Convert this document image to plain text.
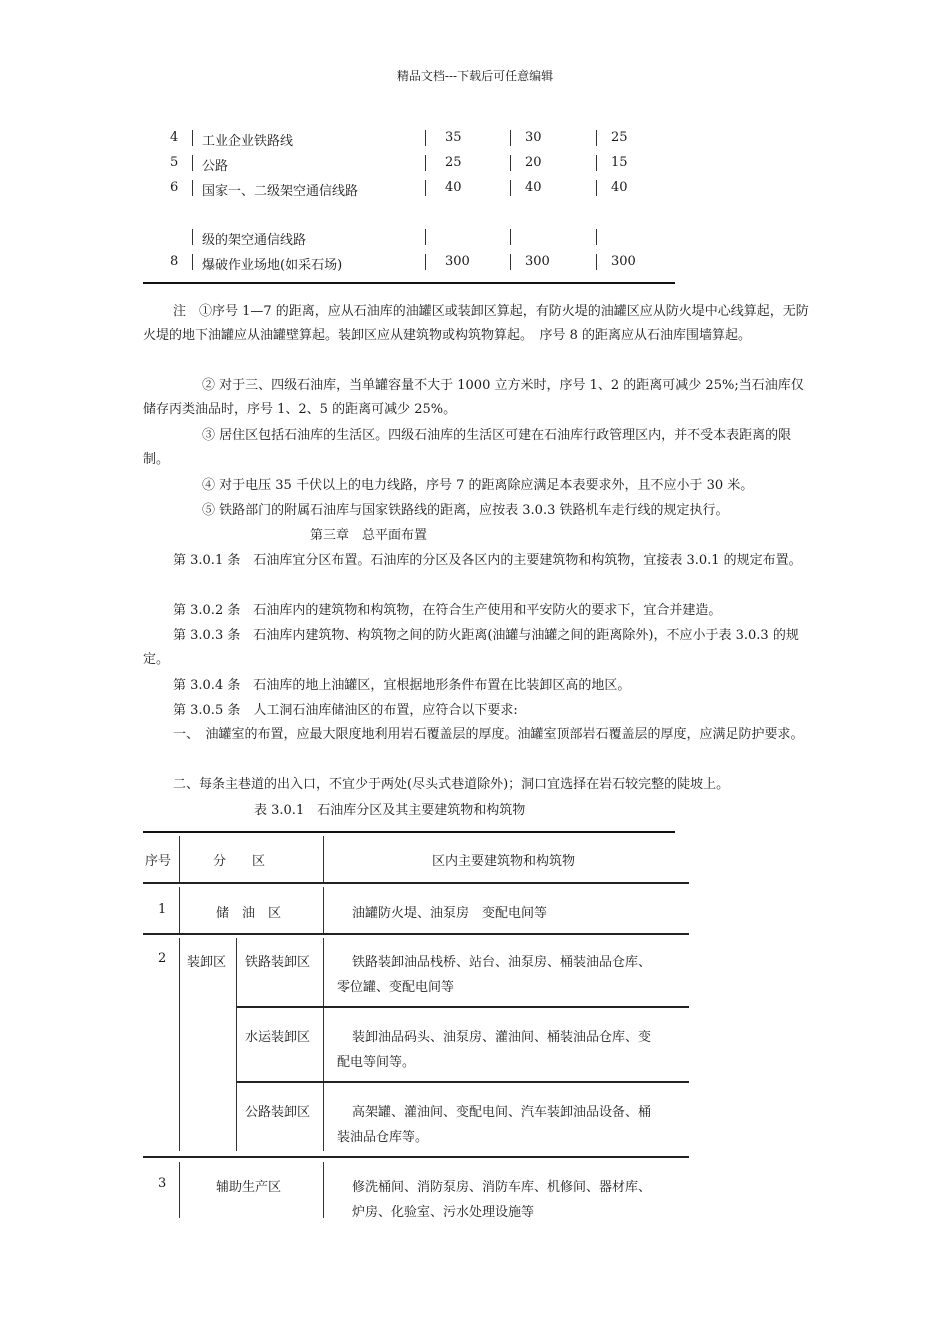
精品文档---下载后可任意编辑
4 工业企业铁路线	35	30	25
5 公路	25	20	15
6 国家一、二级架空通信线路	40	40	40
级的架空通信线路
8 爆破作业场地(如采石场)	300	300	300
注　①序号 1—7 的距离，应从石油库的油罐区或装卸区算起，有防火堤的油罐区应从防火堤中心线算起，无防火堤的地下油罐应从油罐壁算起。装卸区应从建筑物或构筑物算起。　序号 8 的距离应从石油库围墙算起。
② 对于三、四级石油库，当单罐容量不大于 1000 立方米时，序号 1、2 的距离可减少 25%;当石油库仅储存丙类油品时，序号 1、2、5 的距离可减少 25%。
③ 居住区包括石油库的生活区。四级石油库的生活区可建在石油库行政管理区内，并不受本表距离的限制。
④ 对于电压 35 千伏以上的电力线路，序号 7 的距离除应满足本表要求外，且不应小于 30 米。
⑤ 铁路部门的附属石油库与国家铁路线的距离，应按表 3.0.3 铁路机车走行线的规定执行。
第三章　总平面布置
第 3.0.1 条　石油库宜分区布置。石油库的分区及各区内的主要建筑物和构筑物，宜接表 3.0.1 的规定布置。
第 3.0.2 条　石油库内的建筑物和构筑物，在符合生产使用和平安防火的要求下，宜合并建造。
第 3.0.3 条　石油库内建筑物、构筑物之间的防火距离(油罐与油罐之间的距离除外)，不应小于表 3.0.3 的规定。
第 3.0.4 条　石油库的地上油罐区，宜根据地形条件布置在比装卸区高的地区。
第 3.0.5 条　人工洞石油库储油区的布置，应符合以下要求:
一、　油罐室的布置，应最大限度地利用岩石覆盖层的厚度。油罐室顶部岩石覆盖层的厚度，应满足防护要求。
二、每条主巷道的出入口，不宜少于两处(尽头式巷道除外)；洞口宜选择在岩石较完整的陡坡上。
表 3.0.1　石油库分区及其主要建筑物和构筑物
序号	分　　区	区内主要建筑物和构筑物
1	储　油　区	油罐防火堤、油泵房　变配电间等
2 装卸区 铁路装卸区	铁路装卸油品栈桥、站台、油泵房、桶装油品仓库、
零位罐、变配电间等
水运装卸区	装卸油品码头、油泵房、灌油间、桶装油品仓库、变
配电等间等。
公路装卸区	高架罐、灌油间、变配电间、汽车装卸油品设备、桶
装油品仓库等。
3	辅助生产区	修洗桶间、消防泵房、消防车库、机修间、器材库、
炉房、化验室、污水处理设施等
